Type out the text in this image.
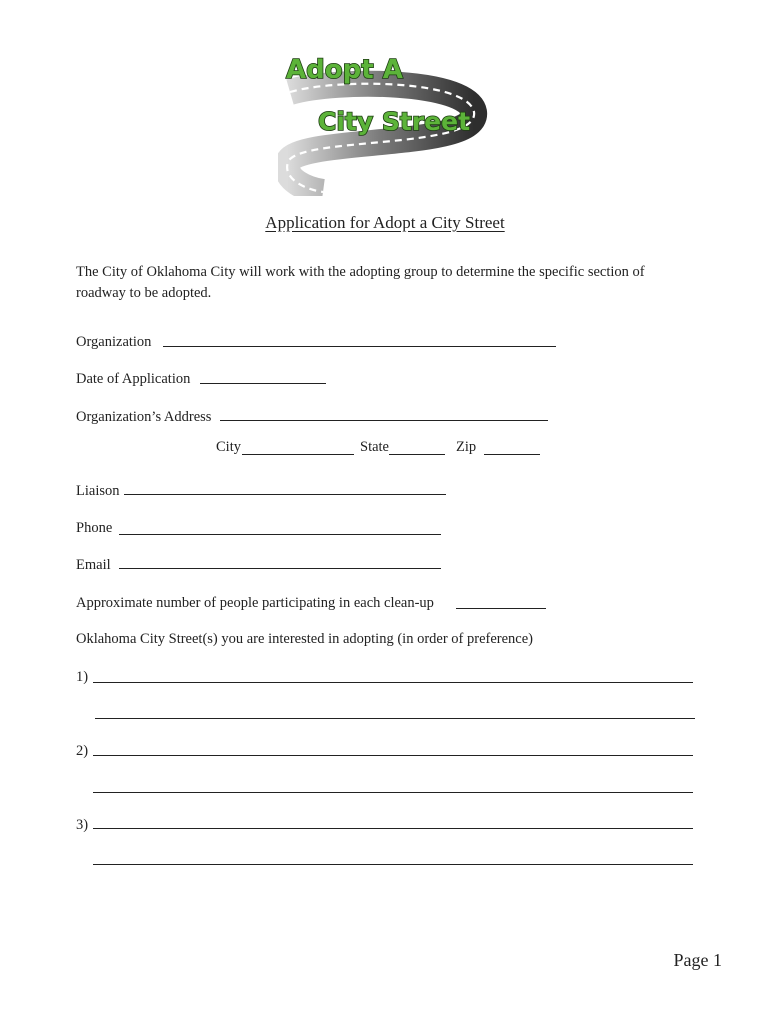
Adopt A
City Street
Application for Adopt a City Street
The City of Oklahoma City will work with the adopting group to determine the specific section of roadway to be adopted.
Organization
Date of Application
Organization’s Address
City	State	Zip
Liaison
Phone
Email
Approximate number of people participating in each clean-up
Oklahoma City Street(s) you are interested in adopting (in order of preference)
1)
2)
3)
Page 1
